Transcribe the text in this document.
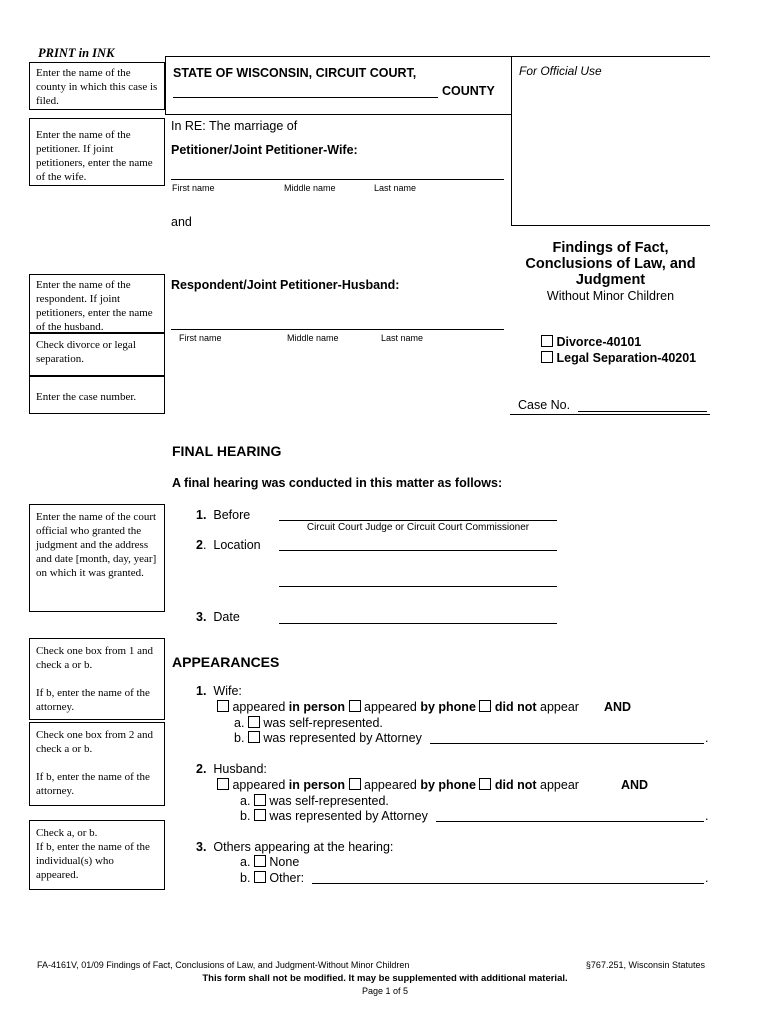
PRINT in INK

Enter the name of the county in which this case is filed.

Enter the name of the petitioner. If joint petitioners, enter the name of the wife.

Enter the name of the respondent. If joint petitioners, enter the name of the husband.

Check divorce or legal separation.

Enter the case number.

Enter the name of the court official who granted the judgment and the address and date [month, day, year] on which it was granted.

Check one box from 1 and check a or b.

If b, enter the name of the attorney.

Check one box from 2 and check a or b.

If b, enter the name of the attorney.

Check a, or b.

If b, enter the name of the individual(s) who appeared.

For Official Use
STATE OF WISCONSIN, CIRCUIT COURT,
COUNTY
In RE: The marriage of
Petitioner/Joint Petitioner-Wife:
First name	Middle name	Last name
and
Respondent/Joint Petitioner-Husband:
First name	Middle name	Last name
Findings of Fact,
Conclusions of Law, and
Judgment
Without Minor Children
Divorce-40101
Legal Separation-40201
Case No.
FINAL HEARING
A final hearing was conducted in this matter as follows:
1. Before
Circuit Court Judge or Circuit Court Commissioner
2.  Location
3. Date
APPEARANCES
1. Wife:
appeared in person appeared by phone did not appear AND
a. was self-represented.
b. was represented by Attorney	.
2. Husband:
appeared in person appeared by phone did not appear	AND
a. was self-represented.
b. was represented by Attorney	.
3. Others appearing at the hearing:
a. None
b. Other:	.
FA-4161V, 01/09 Findings of Fact, Conclusions of Law, and Judgment-Without Minor Children	§767.251, Wisconsin Statutes
This form shall not be modified. It may be supplemented with additional material.
Page 1 of 5
